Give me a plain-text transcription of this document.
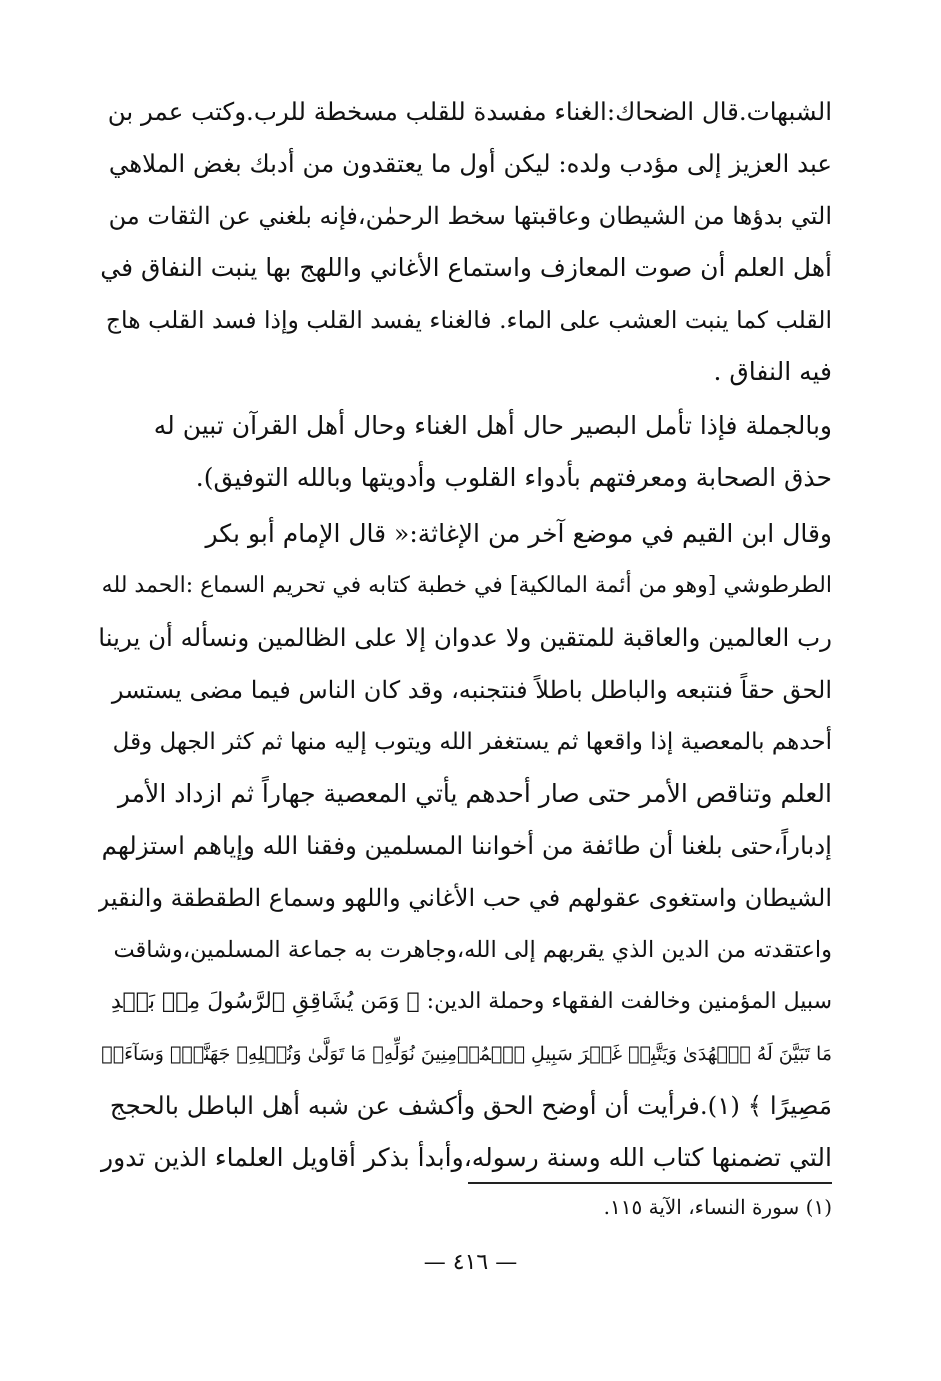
الشبهات.قال الضحاك:الغناء مفسدة للقلب مسخطة للرب.وكتب عمر بن
عبد العزيز إلى مؤدب ولده: ليكن أول ما يعتقدون من أدبك بغض الملاهي
التي بدؤها من الشيطان وعاقبتها سخط الرحمٰن،فإنه بلغني عن الثقات من
أهل العلم أن صوت المعازف واستماع الأغاني واللهج بها ينبت النفاق في
القلب كما ينبت العشب على الماء. فالغناء يفسد القلب وإذا فسد القلب هاج
فيه النفاق .
وبالجملة فإذا تأمل البصير حال أهل الغناء وحال أهل القرآن تبين له
حذق الصحابة ومعرفتهم بأدواء القلوب وأدويتها وبالله التوفيق).
وقال ابن القيم في موضع آخر من الإغاثة:« قال الإمام أبو بكر
الطرطوشي [وهو من أئمة المالكية] في خطبة كتابه في تحريم السماع :الحمد لله
رب العالمين والعاقبة للمتقين ولا عدوان إلا على الظالمين ونسأله أن يرينا
الحق حقاً فنتبعه والباطل باطلاً فنتجنبه، وقد كان الناس فيما مضى يستسر
أحدهم بالمعصية إذا واقعها ثم يستغفر الله ويتوب إليه منها ثم كثر الجهل وقل
العلم وتناقص الأمر حتى صار أحدهم يأتي المعصية جهاراً ثم ازداد الأمر
إدباراً،حتى بلغنا أن طائفة من أخواننا المسلمين وفقنا الله وإياهم استزلهم
الشيطان واستغوى عقولهم في حب الأغاني واللهو وسماع الطقطقة والنقير
واعتقدته من الدين الذي يقربهم إلى الله،وجاهرت به جماعة المسلمين،وشاقت
سبيل المؤمنين وخالفت الفقهاء وحملة الدين: ﴿ وَمَن يُشَاقِقِ ٱلرَّسُولَ مِنۢ بَعۡدِ
مَا تَبَيَّنَ لَهُ ٱلۡهُدَىٰ وَيَتَّبِعۡ غَيۡرَ سَبِيلِ ٱلۡمُؤۡمِنِينَ نُوَلِّهِۦ مَا تَوَلَّىٰ وَنُصۡلِهِۦ جَهَنَّمَۖ وَسَآءَتۡ
مَصِيرًا ﴾ (١).فرأيت أن أوضح الحق وأكشف عن شبه أهل الباطل بالحجج
التي تضمنها كتاب الله وسنة رسوله،وأبدأ بذكر أقاويل العلماء الذين تدور
(١) سورة النساء، الآية ١١٥.
— ٤١٦ —
